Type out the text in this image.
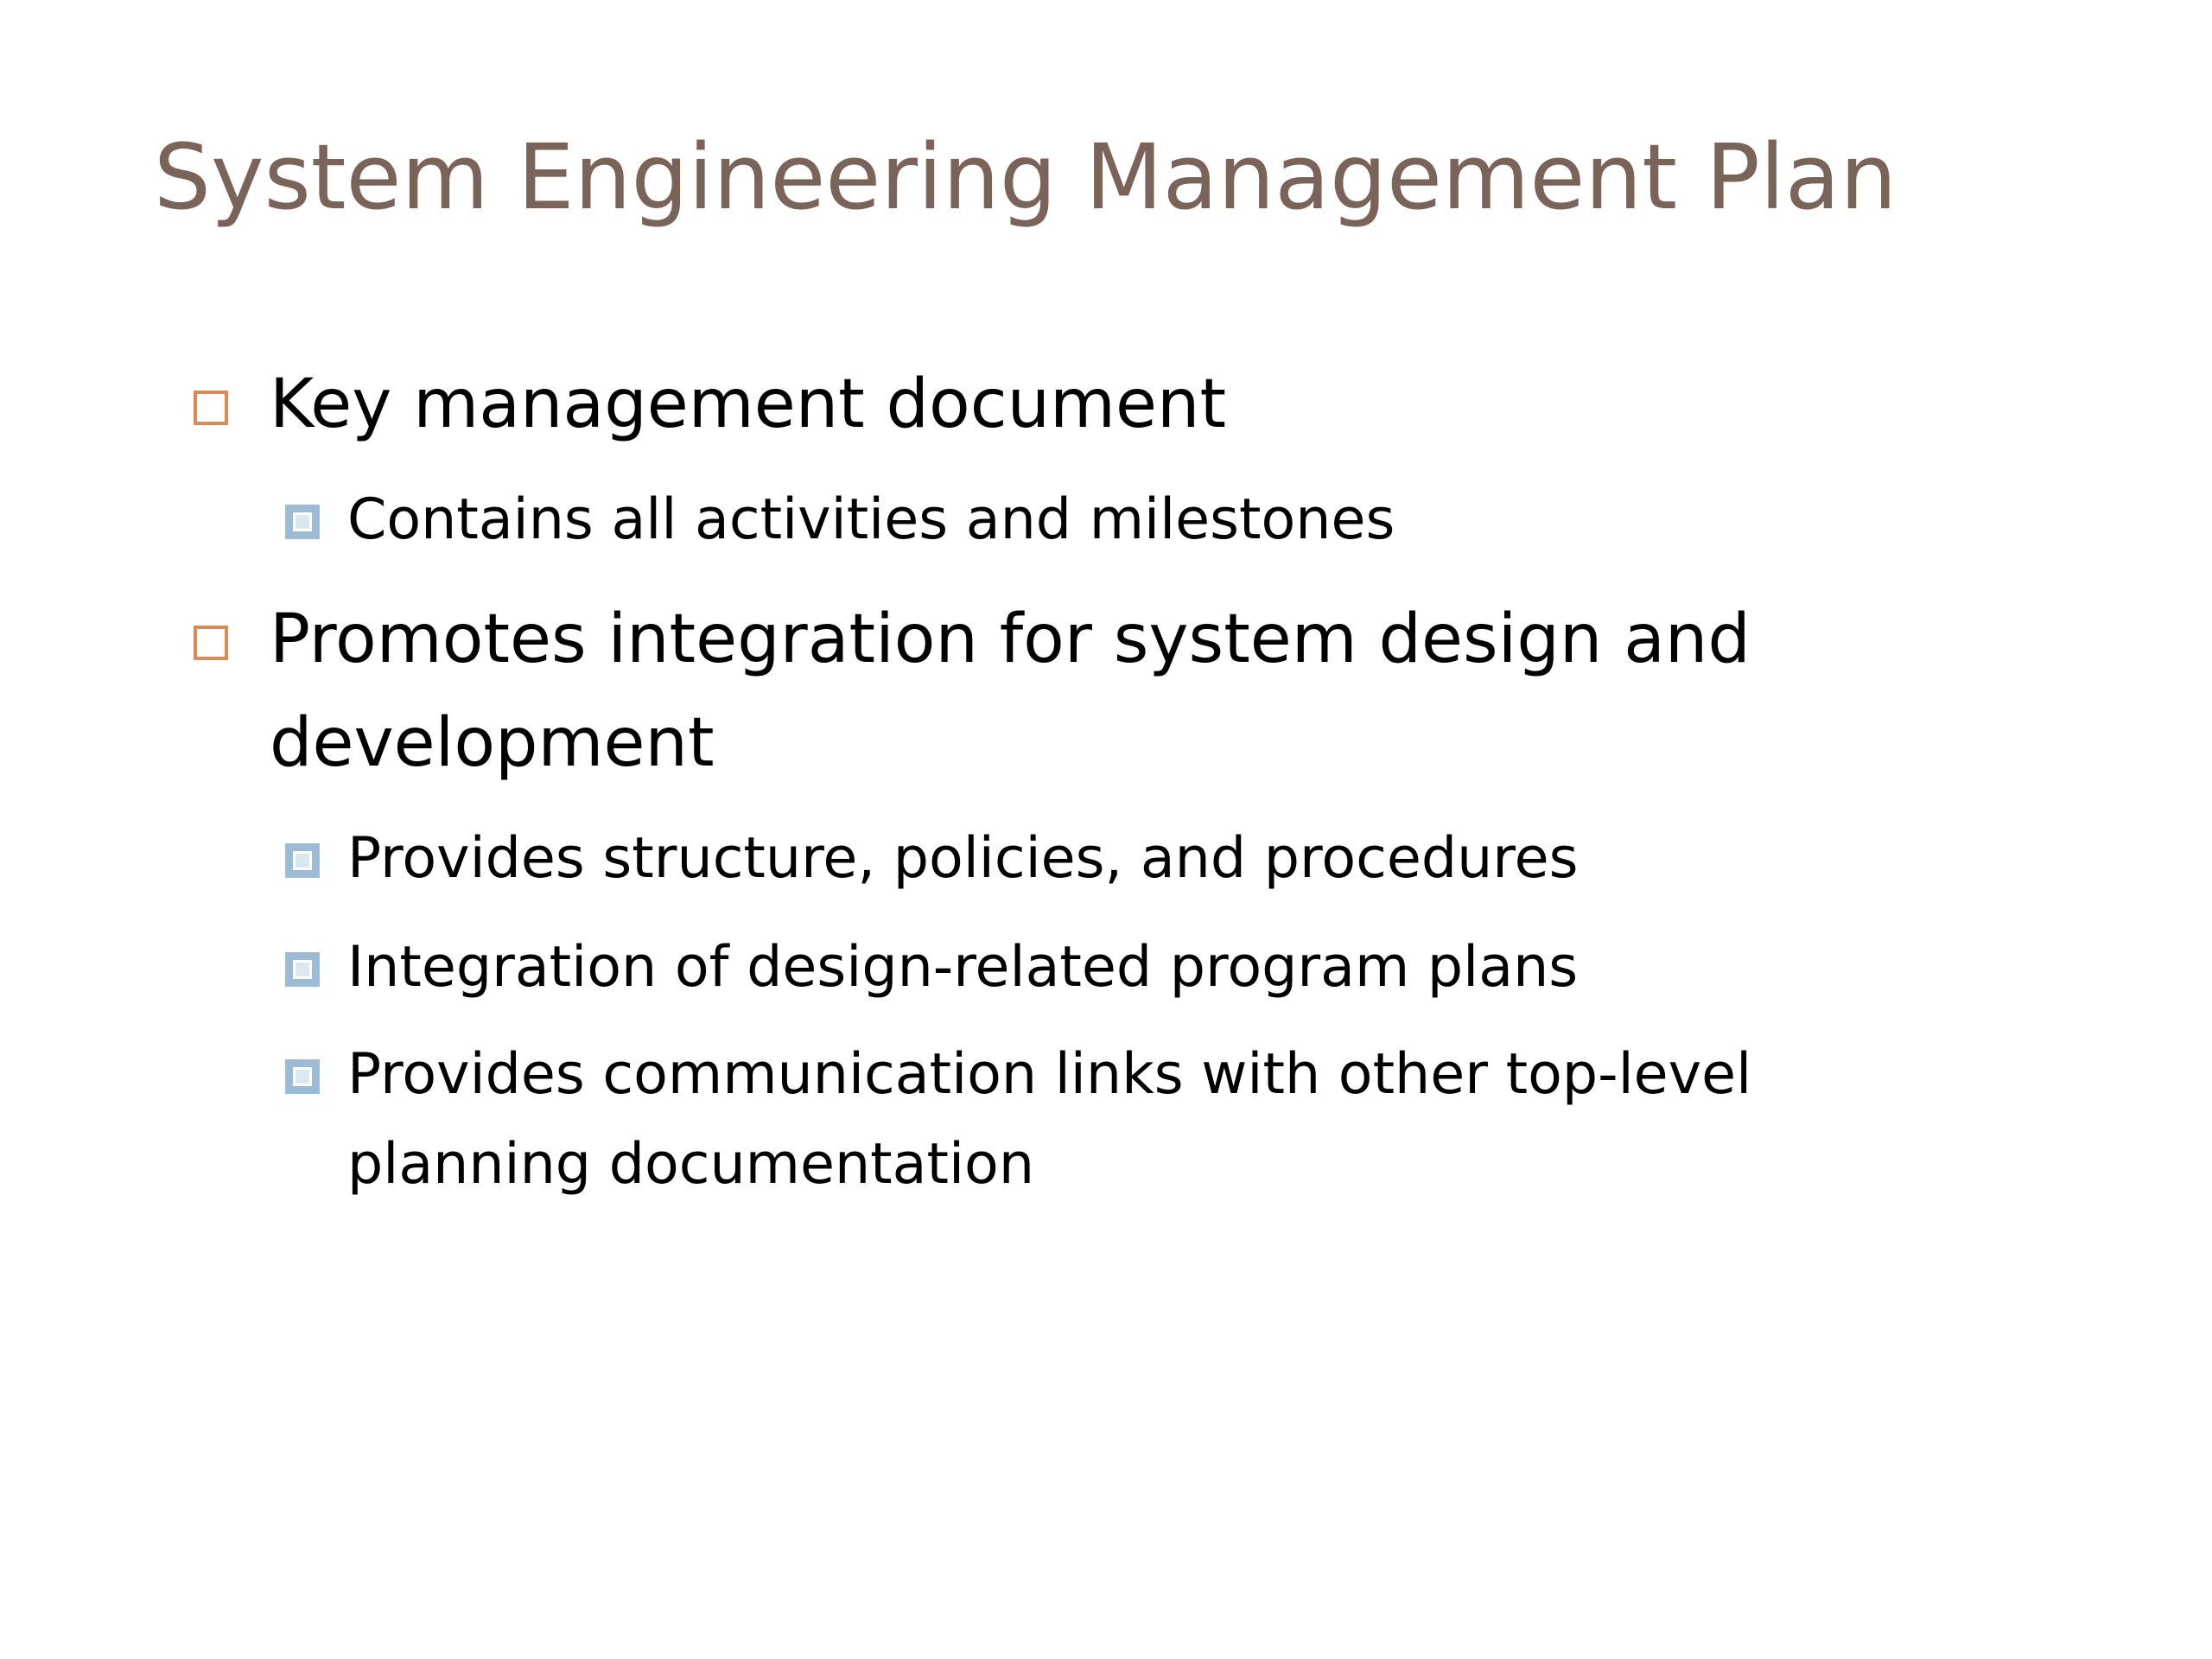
System Engineering Management Plan
Key management document
Contains all activities and milestones
Promotes integration for system design and development
Provides structure, policies, and procedures
Integration of design-related program plans
Provides communication links with other top-level planning documentation
